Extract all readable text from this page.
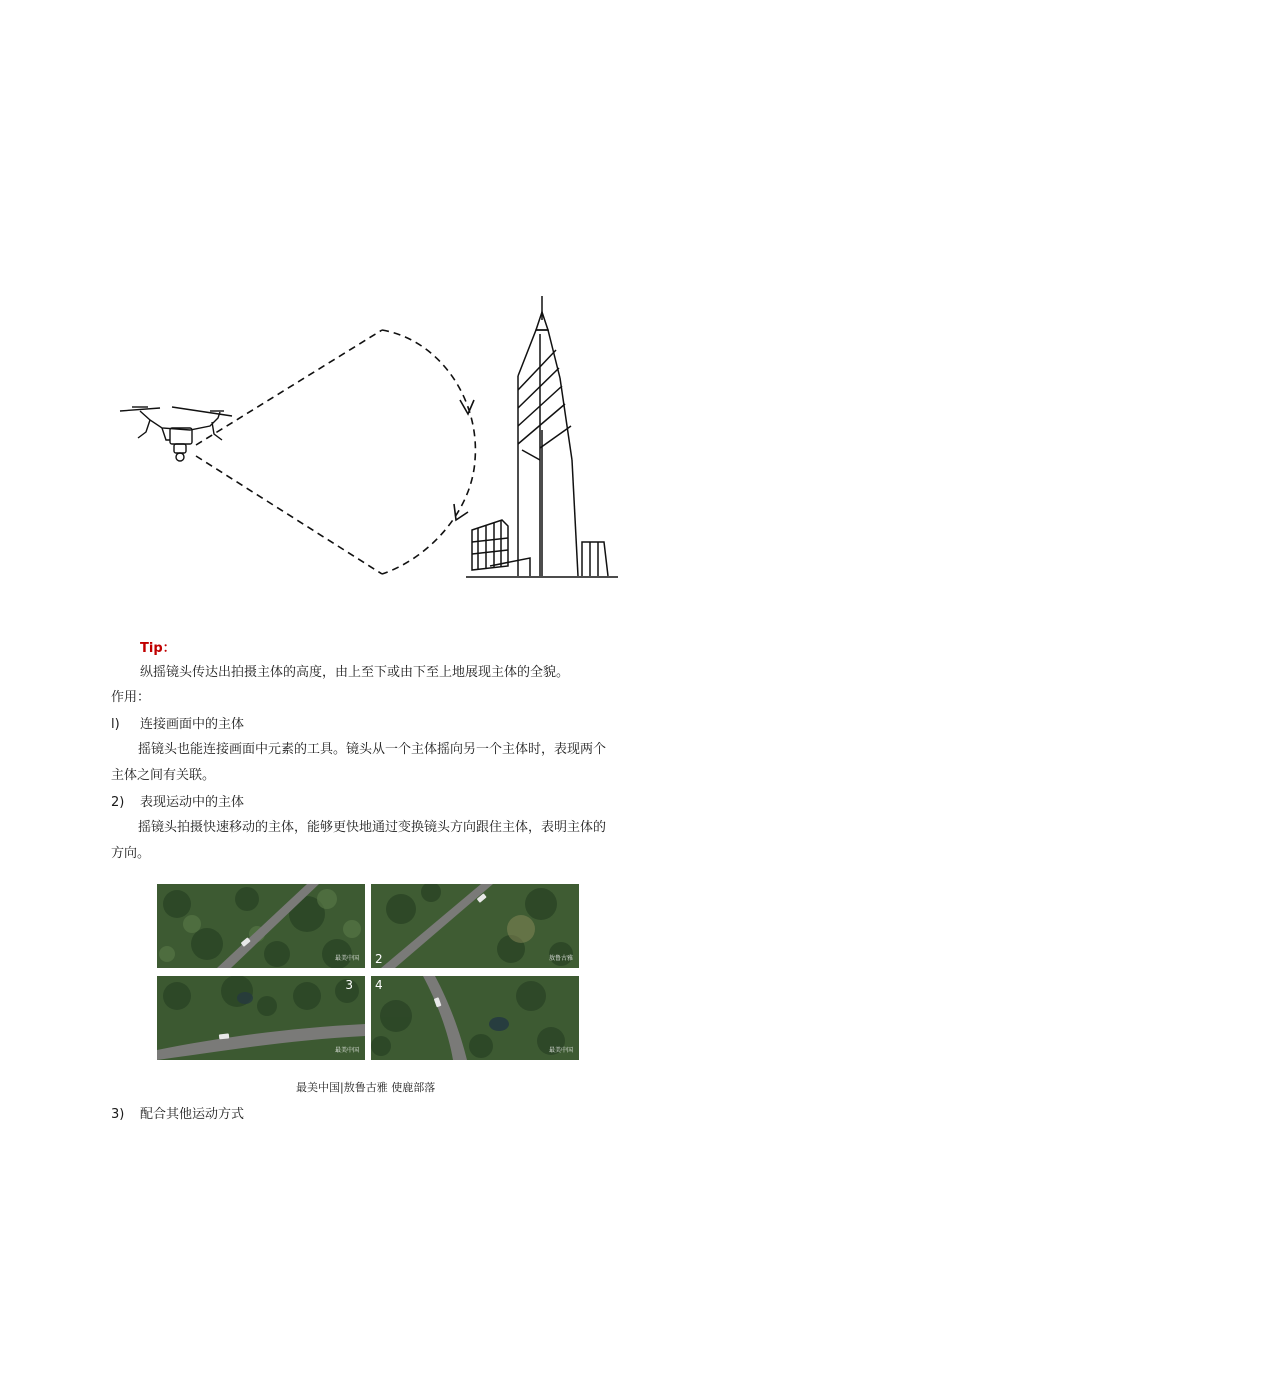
Tip：
纵摇镜头传达出拍摄主体的高度，由上至下或由下至上地展现主体的全貌。
作用：
l) 连接画面中的主体
摇镜头也能连接画面中元素的工具。镜头从一个主体摇向另一个主体时，表现两个
主体之间有关联。
2) 表现运动中的主体
摇镜头拍摄快速移动的主体，能够更快地通过变换镜头方向跟住主体，表明主体的
方向。
最美中国 2	敖鲁古雅
3
最美中国
4
最美中国
最美中国|敖鲁古雅 使鹿部落
3) 配合其他运动方式
